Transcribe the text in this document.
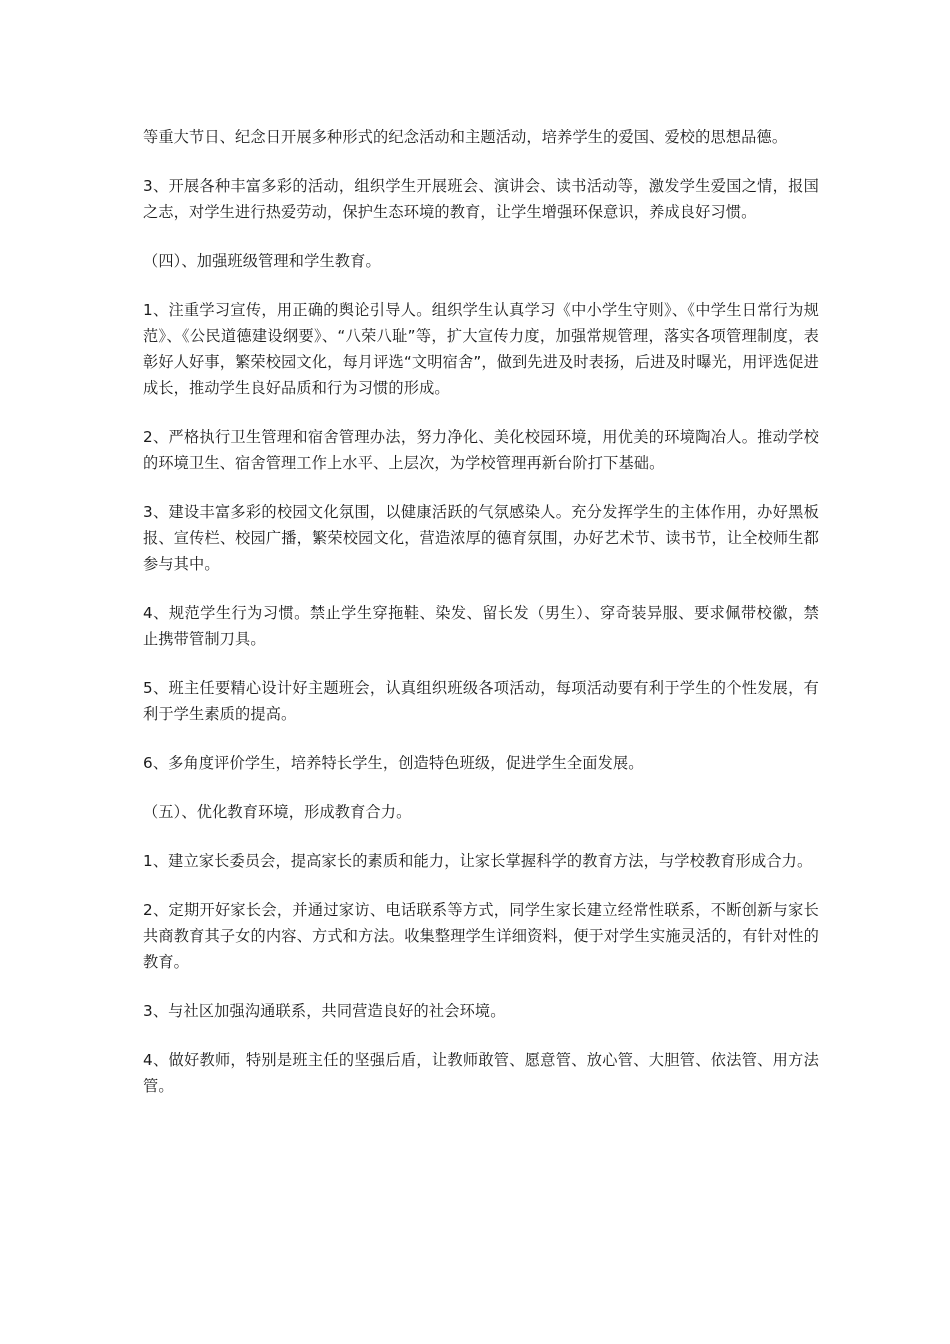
等重大节日、纪念日开展多种形式的纪念活动和主题活动，培养学生的爱国、爱校的思想品德。

3、开展各种丰富多彩的活动，组织学生开展班会、演讲会、读书活动等，激发学生爱国之情，报国之志，对学生进行热爱劳动，保护生态环境的教育，让学生增强环保意识，养成良好习惯。

（四）、加强班级管理和学生教育。

1、注重学习宣传，用正确的舆论引导人。组织学生认真学习《中小学生守则》、《中学生日常行为规范》、《公民道德建设纲要》、“八荣八耻”等，扩大宣传力度，加强常规管理，落实各项管理制度，表彰好人好事，繁荣校园文化，每月评选“文明宿舍”，做到先进及时表扬，后进及时曝光，用评选促进成长，推动学生良好品质和行为习惯的形成。

2、严格执行卫生管理和宿舍管理办法，努力净化、美化校园环境，用优美的环境陶冶人。推动学校的环境卫生、宿舍管理工作上水平、上层次，为学校管理再新台阶打下基础。

3、建设丰富多彩的校园文化氛围，以健康活跃的气氛感染人。充分发挥学生的主体作用，办好黑板报、宣传栏、校园广播，繁荣校园文化，营造浓厚的德育氛围，办好艺术节、读书节，让全校师生都参与其中。

4、规范学生行为习惯。禁止学生穿拖鞋、染发、留长发（男生）、穿奇装异服、要求佩带校徽，禁止携带管制刀具。

5、班主任要精心设计好主题班会，认真组织班级各项活动，每项活动要有利于学生的个性发展，有利于学生素质的提高。

6、多角度评价学生，培养特长学生，创造特色班级，促进学生全面发展。

（五）、优化教育环境，形成教育合力。

1、建立家长委员会，提高家长的素质和能力，让家长掌握科学的教育方法，与学校教育形成合力。

2、定期开好家长会，并通过家访、电话联系等方式，同学生家长建立经常性联系，不断创新与家长共商教育其子女的内容、方式和方法。收集整理学生详细资料，便于对学生实施灵活的，有针对性的教育。

3、与社区加强沟通联系，共同营造良好的社会环境。

4、做好教师，特别是班主任的坚强后盾，让教师敢管、愿意管、放心管、大胆管、依法管、用方法管。
